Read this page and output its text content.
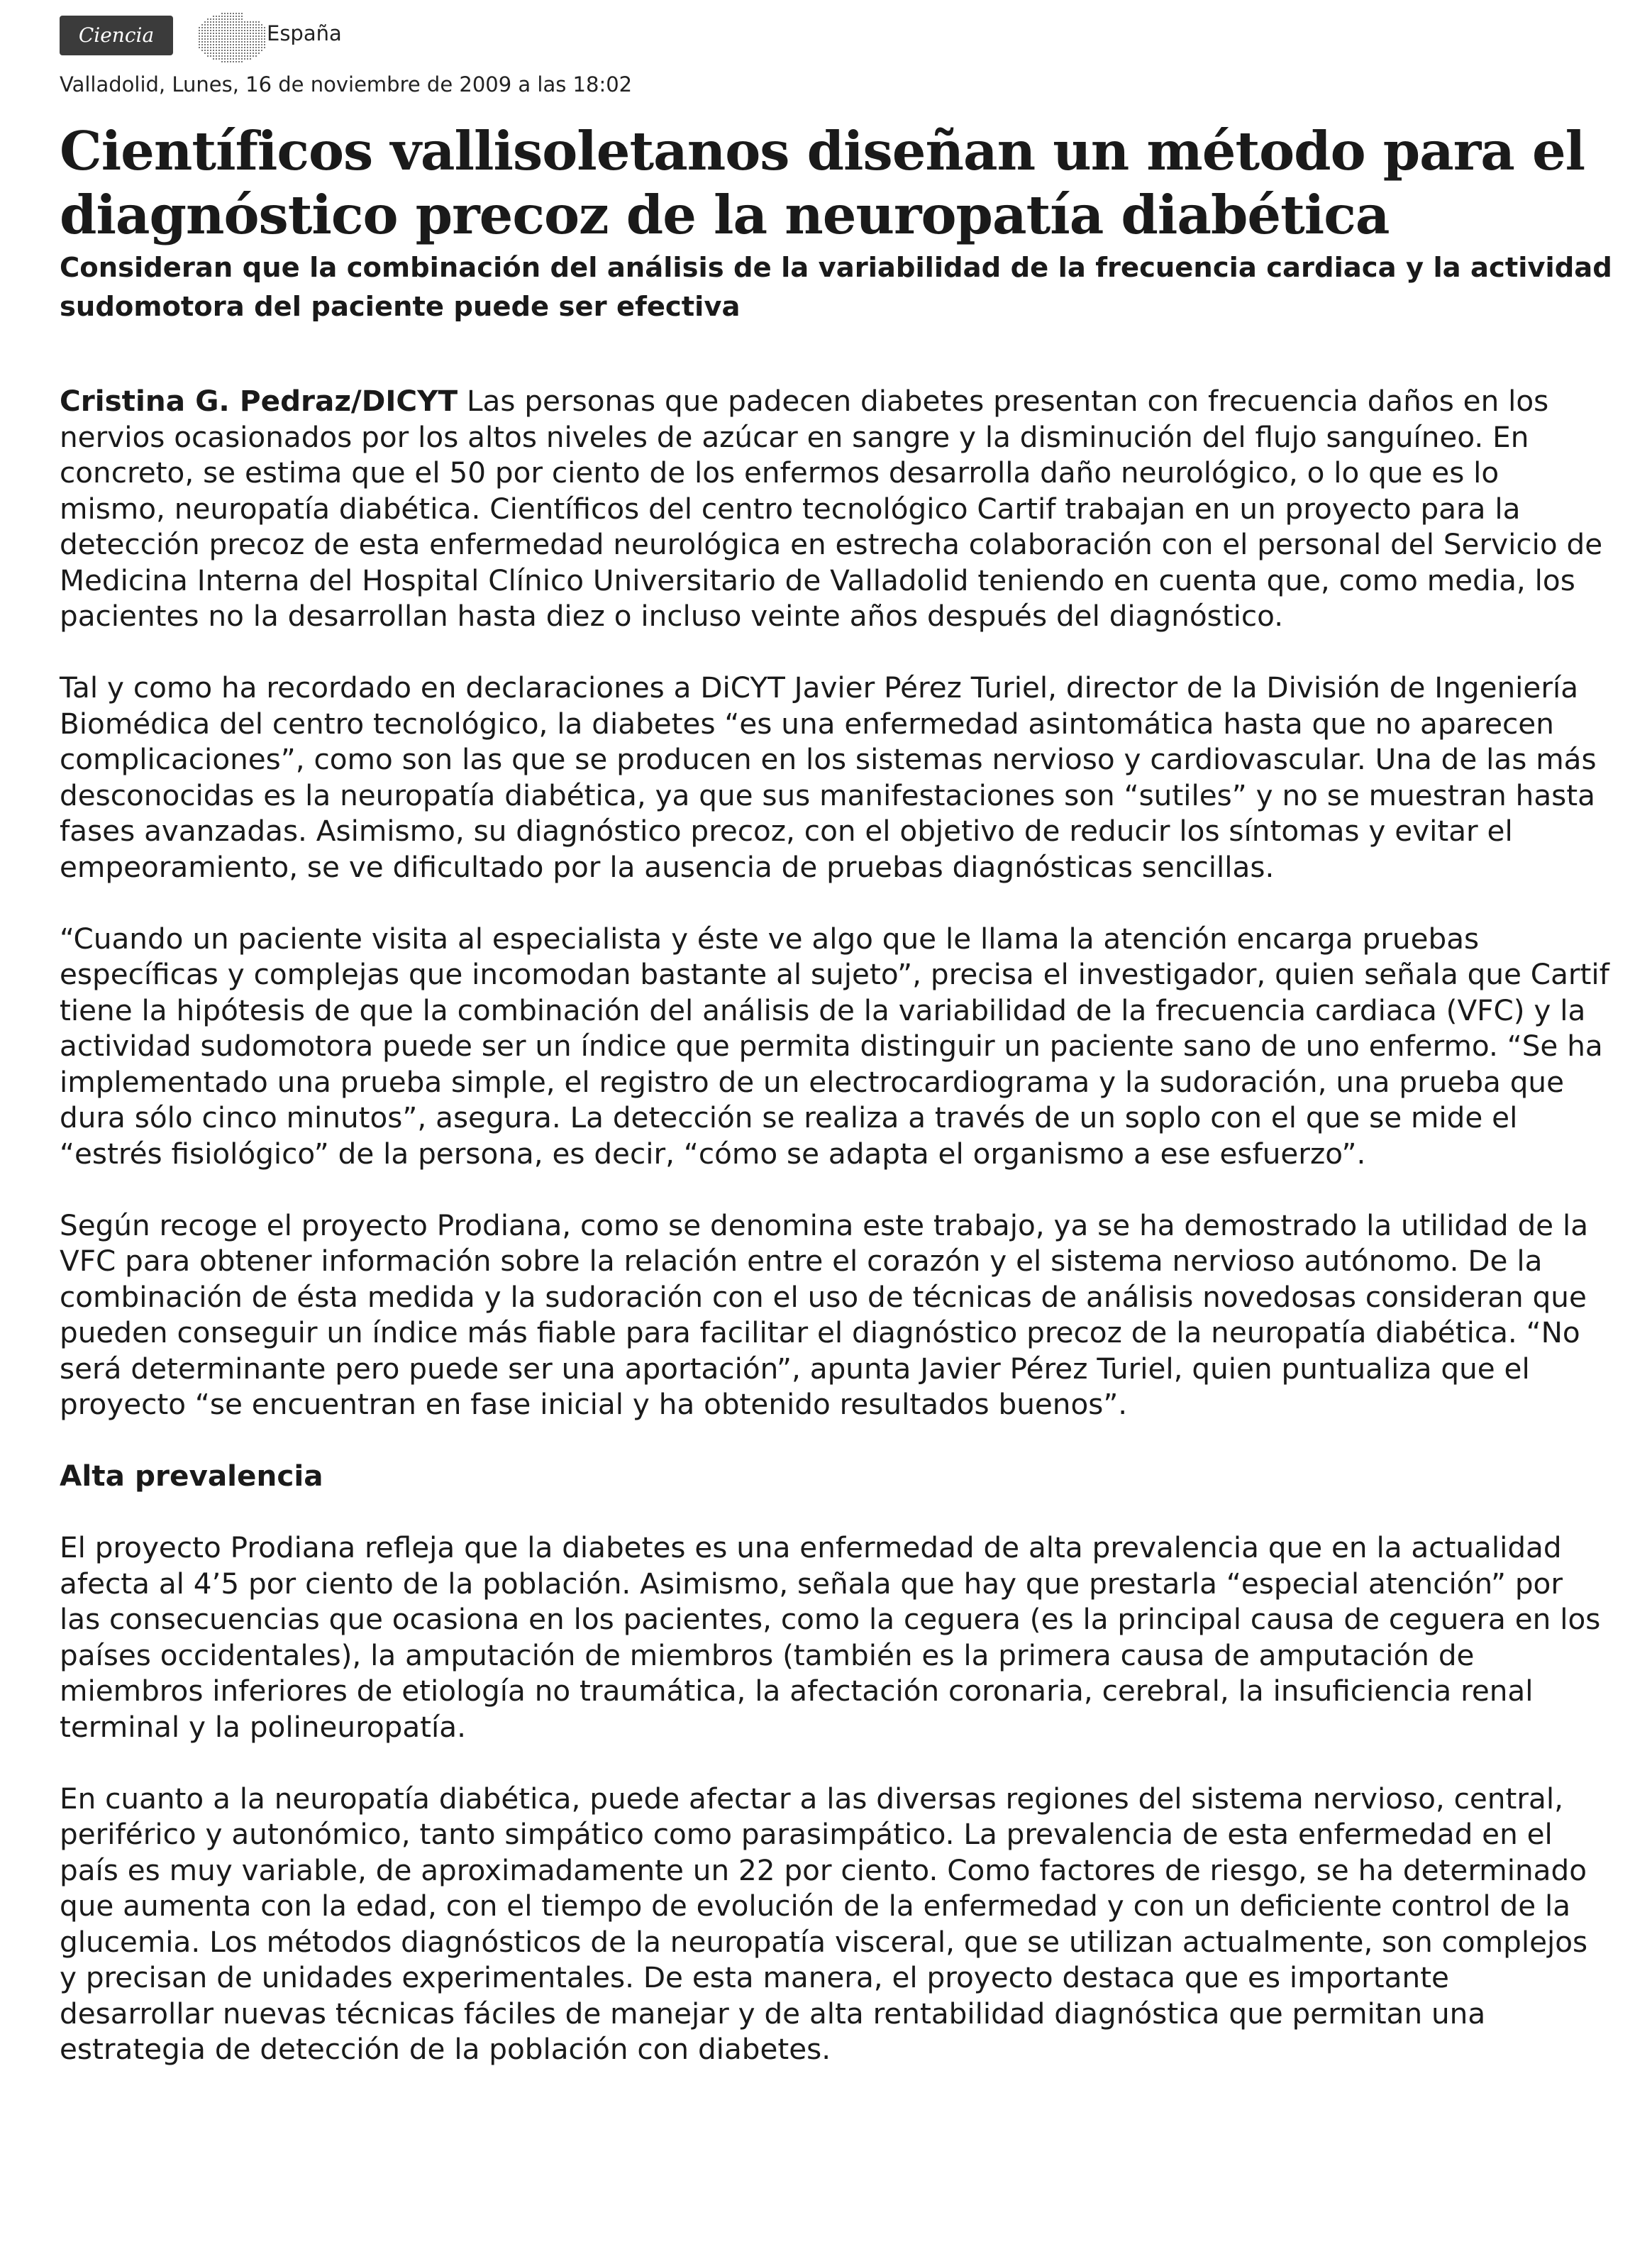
Ciencia	España
Valladolid, Lunes, 16 de noviembre de 2009 a las 18:02
Científicos vallisoletanos diseñan un método para el diagnóstico precoz de la neuropatía diabética
Consideran que la combinación del análisis de la variabilidad de la frecuencia cardiaca y la actividad sudomotora del paciente puede ser efectiva

Cristina G. Pedraz/DICYT Las personas que padecen diabetes presentan con frecuencia daños en los nervios ocasionados por los altos niveles de azúcar en sangre y la disminución del flujo sanguíneo. En concreto, se estima que el 50 por ciento de los enfermos desarrolla daño neurológico, o lo que es lo mismo, neuropatía diabética. Científicos del centro tecnológico Cartif trabajan en un proyecto para la detección precoz de esta enfermedad neurológica en estrecha colaboración con el personal del Servicio de Medicina Interna del Hospital Clínico Universitario de Valladolid teniendo en cuenta que, como media, los pacientes no la desarrollan hasta diez o incluso veinte años después del diagnóstico.

Tal y como ha recordado en declaraciones a DiCYT Javier Pérez Turiel, director de la División de Ingeniería Biomédica del centro tecnológico, la diabetes “es una enfermedad asintomática hasta que no aparecen complicaciones”, como son las que se producen en los sistemas nervioso y cardiovascular. Una de las más desconocidas es la neuropatía diabética, ya que sus manifestaciones son “sutiles” y no se muestran hasta fases avanzadas. Asimismo, su diagnóstico precoz, con el objetivo de reducir los síntomas y evitar el empeoramiento, se ve dificultado por la ausencia de pruebas diagnósticas sencillas.

“Cuando un paciente visita al especialista y éste ve algo que le llama la atención encarga pruebas específicas y complejas que incomodan bastante al sujeto”, precisa el investigador, quien señala que Cartif tiene la hipótesis de que la combinación del análisis de la variabilidad de la frecuencia cardiaca (VFC) y la actividad sudomotora puede ser un índice que permita distinguir un paciente sano de uno enfermo. “Se ha implementado una prueba simple, el registro de un electrocardiograma y la sudoración, una prueba que dura sólo cinco minutos”, asegura. La detección se realiza a través de un soplo con el que se mide el “estrés fisiológico” de la persona, es decir, “cómo se adapta el organismo a ese esfuerzo”.

Según recoge el proyecto Prodiana, como se denomina este trabajo, ya se ha demostrado la utilidad de la VFC para obtener información sobre la relación entre el corazón y el sistema nervioso autónomo. De la combinación de ésta medida y la sudoración con el uso de técnicas de análisis novedosas consideran que pueden conseguir un índice más fiable para facilitar el diagnóstico precoz de la neuropatía diabética. “No será determinante pero puede ser una aportación”, apunta Javier Pérez Turiel, quien puntualiza que el proyecto “se encuentran en fase inicial y ha obtenido resultados buenos”.

Alta prevalencia

El proyecto Prodiana refleja que la diabetes es una enfermedad de alta prevalencia que en la actualidad afecta al 4’5 por ciento de la población. Asimismo, señala que hay que prestarla “especial atención” por las consecuencias que ocasiona en los pacientes, como la ceguera (es la principal causa de ceguera en los países occidentales), la amputación de miembros (también es la primera causa de amputación de miembros inferiores de etiología no traumática, la afectación coronaria, cerebral, la insuficiencia renal terminal y la polineuropatía.

En cuanto a la neuropatía diabética, puede afectar a las diversas regiones del sistema nervioso, central, periférico y autonómico, tanto simpático como parasimpático. La prevalencia de esta enfermedad en el país es muy variable, de aproximadamente un 22 por ciento. Como factores de riesgo, se ha determinado que aumenta con la edad, con el tiempo de evolución de la enfermedad y con un deficiente control de la glucemia. Los métodos diagnósticos de la neuropatía visceral, que se utilizan actualmente, son complejos y precisan de unidades experimentales. De esta manera, el proyecto destaca que es importante desarrollar nuevas técnicas fáciles de manejar y de alta rentabilidad diagnóstica que permitan una estrategia de detección de la población con diabetes.
